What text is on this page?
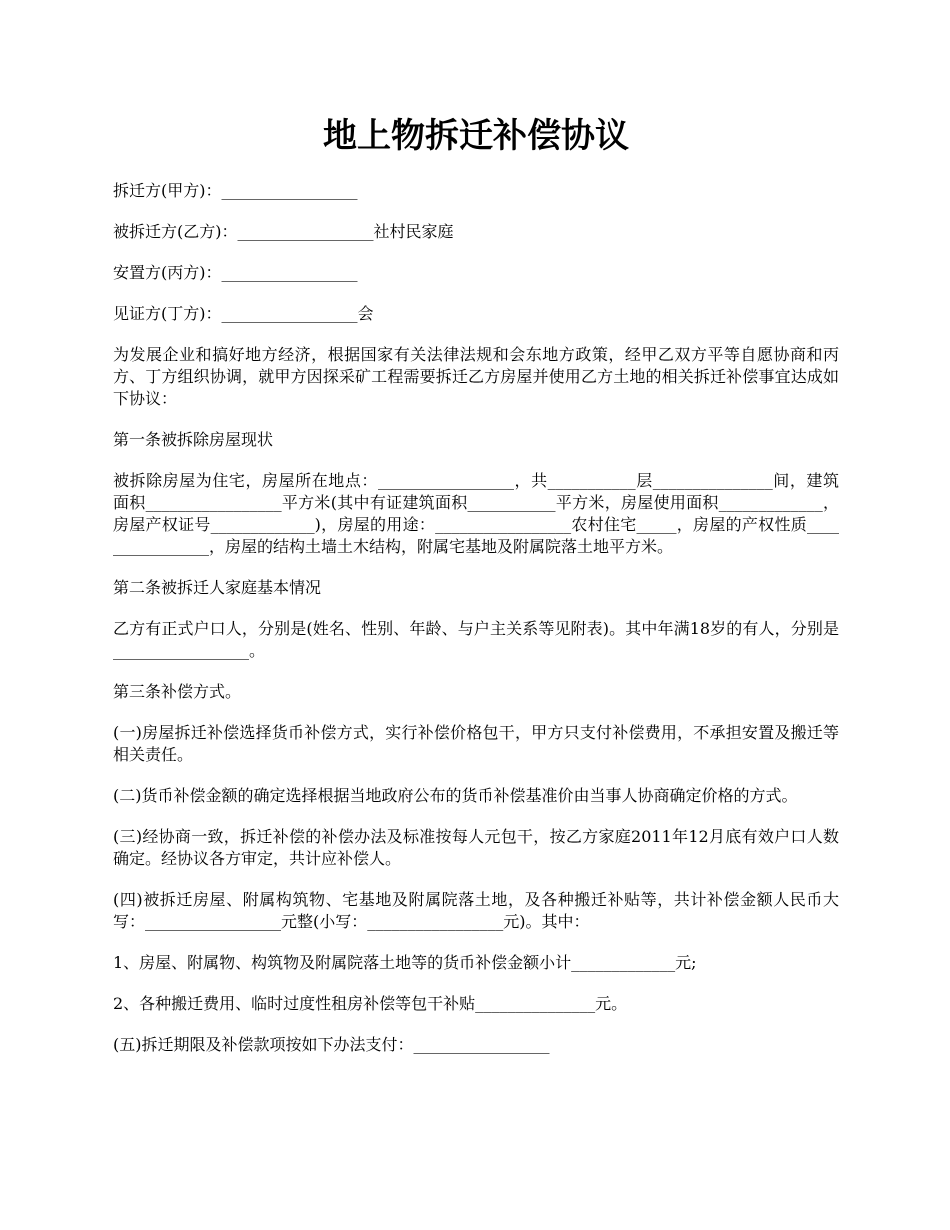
地上物拆迁补偿协议

拆迁方(甲方)：_________________

被拆迁方(乙方)：_________________社村民家庭

安置方(丙方)：_________________

见证方(丁方)：_________________会

为发展企业和搞好地方经济，根据国家有关法律法规和会东地方政策，经甲乙双方平等自愿协商和丙方、丁方组织协调，就甲方因探采矿工程需要拆迁乙方房屋并使用乙方土地的相关拆迁补偿事宜达成如下协议：

第一条被拆除房屋现状

被拆除房屋为住宅，房屋所在地点：_________________，共___________层_______________间，建筑面积_________________平方米(其中有证建筑面积___________平方米，房屋使用面积_____________，房屋产权证号_____________)，房屋的用途：_________________农村住宅_____，房屋的产权性质________________，房屋的结构土墙土木结构，附属宅基地及附属院落土地平方米。

第二条被拆迁人家庭基本情况

乙方有正式户口人，分别是(姓名、性别、年龄、与户主关系等见附表)。其中年满18岁的有人，分别是_________________。

第三条补偿方式。

(一)房屋拆迁补偿选择货币补偿方式，实行补偿价格包干，甲方只支付补偿费用，不承担安置及搬迁等相关责任。

(二)货币补偿金额的确定选择根据当地政府公布的货币补偿基准价由当事人协商确定价格的方式。

(三)经协商一致，拆迁补偿的补偿办法及标准按每人元包干，按乙方家庭2011年12月底有效户口人数确定。经协议各方审定，共计应补偿人。

(四)被拆迁房屋、附属构筑物、宅基地及附属院落土地，及各种搬迁补贴等，共计补偿金额人民币大写：_________________元整(小写：_________________元)。其中：

1、房屋、附属物、构筑物及附属院落土地等的货币补偿金额小计_____________元;

2、各种搬迁费用、临时过度性租房补偿等包干补贴_______________元。

(五)拆迁期限及补偿款项按如下办法支付：_________________
